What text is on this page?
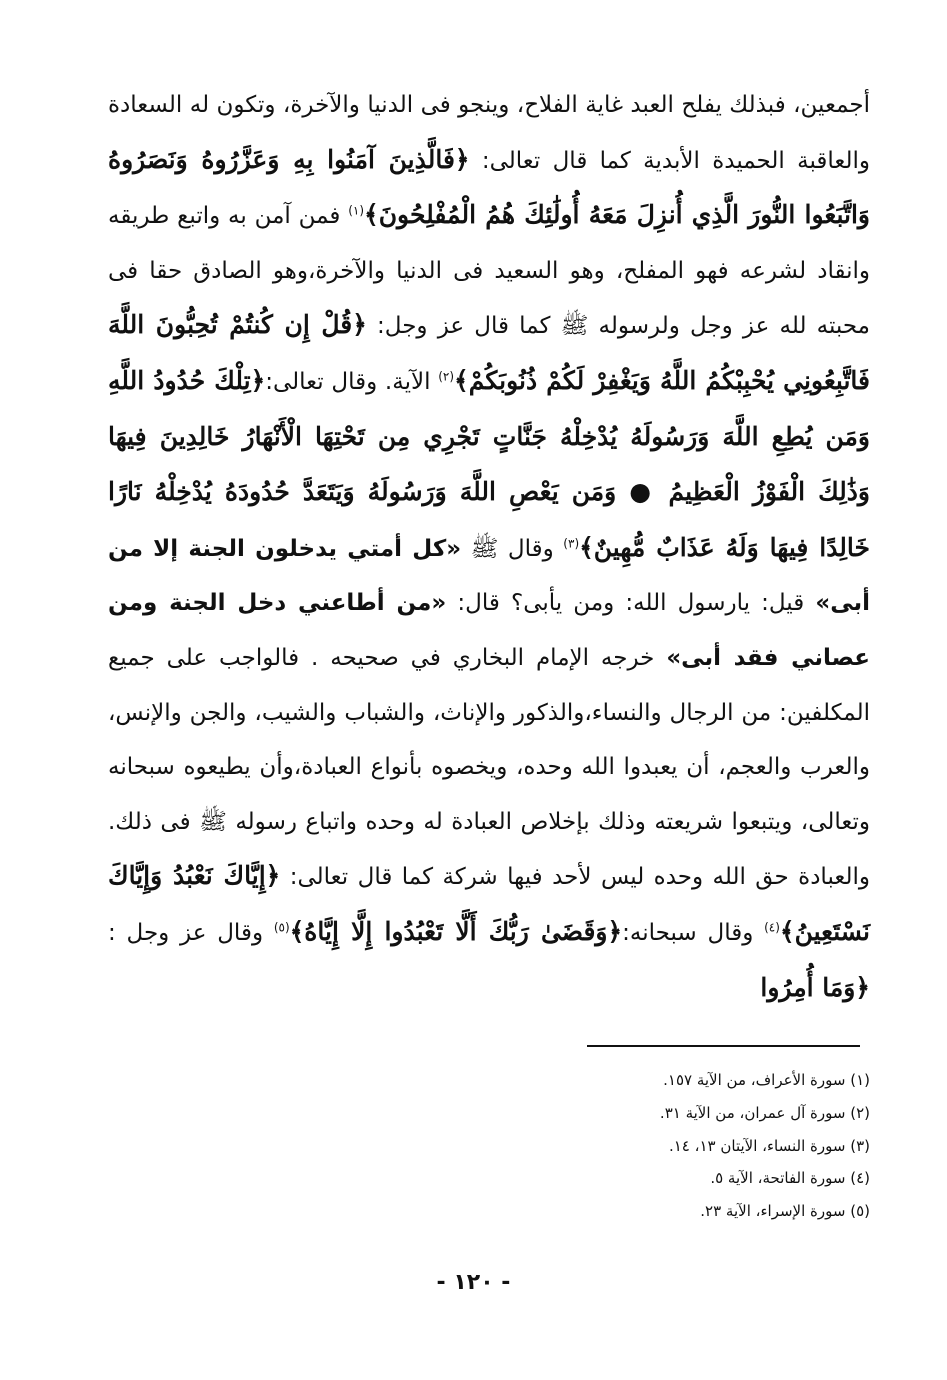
أجمعين، فبذلك يفلح العبد غاية الفلاح، وينجو فى الدنيا والآخرة، وتكون له السعادة والعاقبة الحميدة الأبدية كما قال تعالى: ﴿فَالَّذِينَ آمَنُوا بِهِ وَعَزَّرُوهُ وَنَصَرُوهُ وَاتَّبَعُوا النُّورَ الَّذِي أُنزِلَ مَعَهُ أُولَٰئِكَ هُمُ الْمُفْلِحُونَ﴾$^{(١)}$ فمن آمن به واتبع طريقه وانقاد لشرعه فهو المفلح، وهو السعيد فى الدنيا والآخرة،وهو الصادق حقا فى محبته لله عز وجل ولرسوله ﷺ كما قال عز وجل: ﴿قُلْ إِن كُنتُمْ تُحِبُّونَ اللَّهَ فَاتَّبِعُونِي يُحْبِبْكُمُ اللَّهُ وَيَغْفِرْ لَكُمْ ذُنُوبَكُمْ﴾$^{(٢)}$ الآية. وقال تعالى:﴿تِلْكَ حُدُودُ اللَّهِ وَمَن يُطِعِ اللَّهَ وَرَسُولَهُ يُدْخِلْهُ جَنَّاتٍ تَجْرِي مِن تَحْتِهَا الْأَنْهَارُ خَالِدِينَ فِيهَا وَذَٰلِكَ الْفَوْزُ الْعَظِيمُ ● وَمَن يَعْصِ اللَّهَ وَرَسُولَهُ وَيَتَعَدَّ حُدُودَهُ يُدْخِلْهُ نَارًا خَالِدًا فِيهَا وَلَهُ عَذَابٌ مُّهِينٌ﴾$^{(٣)}$ وقال ﷺ «كل أمتي يدخلون الجنة إلا من أبى» قيل: يارسول الله: ومن يأبى؟ قال: «من أطاعني دخل الجنة ومن عصاني فقد أبى» خرجه الإمام البخاري في صحيحه . فالواجب على جميع المكلفين: من الرجال والنساء،والذكور والإناث، والشباب والشيب، والجن والإنس، والعرب والعجم، أن يعبدوا الله وحده، ويخصوه بأنواع العبادة،وأن يطيعوه سبحانه وتعالى، ويتبعوا شريعته وذلك بإخلاص العبادة له وحده واتباع رسوله ﷺ فى ذلك. والعبادة حق الله وحده ليس لأحد فيها شركة كما قال تعالى: ﴿إِيَّاكَ نَعْبُدُ وَإِيَّاكَ نَسْتَعِينُ﴾$^{(٤)}$ وقال سبحانه:﴿وَقَضَىٰ رَبُّكَ أَلَّا تَعْبُدُوا إِلَّا إِيَّاهُ﴾$^{(٥)}$ وقال عز وجل : ﴿وَمَا أُمِرُوا

(١) سورة الأعراف، من الآية ١٥٧.
(٢) سورة آل عمران، من الآية ٣١.
(٣) سورة النساء، الآيتان ١٣، ١٤.
(٤) سورة الفاتحة، الآية ٥.
(٥) سورة الإسراء، الآية ٢٣.
- ١٢٠ -
